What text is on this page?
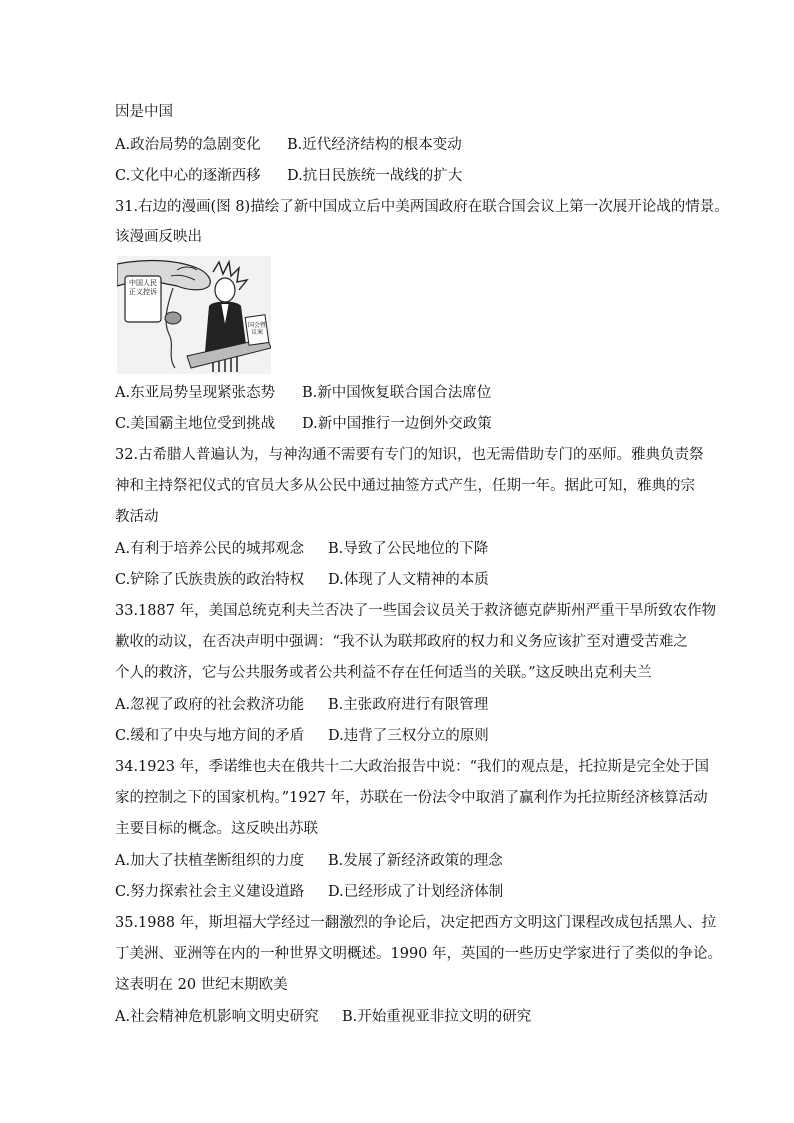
因是中国
A.政治局势的急剧变化 B.近代经济结构的根本变动
C.文化中心的逐渐西移 D.抗日民族统一战线的扩大
31.右边的漫画(图 8)描绘了新中国成立后中美两国政府在联合国会议上第一次展开论战的情景。
该漫画反映出
中国人民正义控诉
国会暨议案
A.东亚局势呈现紧张态势 B.新中国恢复联合国合法席位
C.美国霸主地位受到挑战 D.新中国推行一边倒外交政策
32.古希腊人普遍认为，与神沟通不需要有专门的知识，也无需借助专门的巫师。雅典负责祭
神和主持祭祀仪式的官员大多从公民中通过抽签方式产生，任期一年。据此可知，雅典的宗
教活动
A.有利于培养公民的城邦观念 B.导致了公民地位的下降
C.铲除了氏族贵族的政治特权 D.体现了人文精神的本质
33.1887 年，美国总统克利夫兰否决了一些国会议员关于救济德克萨斯州严重干旱所致农作物
歉收的动议，在否决声明中强调：“我不认为联邦政府的权力和义务应该扩至对遭受苦难之
个人的救济，它与公共服务或者公共利益不存在任何适当的关联。”这反映出克利夫兰
A.忽视了政府的社会救济功能 B.主张政府进行有限管理
C.缓和了中央与地方间的矛盾 D.违背了三权分立的原则
34.1923 年，季诺维也夫在俄共十二大政治报告中说：“我们的观点是，托拉斯是完全处于国
家的控制之下的国家机构。”1927 年，苏联在一份法令中取消了赢利作为托拉斯经济核算活动
主要目标的概念。这反映出苏联
A.加大了扶植垄断组织的力度 B.发展了新经济政策的理念
C.努力探索社会主义建设道路 D.已经形成了计划经济体制
35.1988 年，斯坦福大学经过一翻激烈的争论后，决定把西方文明这门课程改成包括黑人、拉
丁美洲、亚洲等在内的一种世界文明概述。1990 年，英国的一些历史学家进行了类似的争论。
这表明在 20 世纪末期欧美
A.社会精神危机影响文明史研究 B.开始重视亚非拉文明的研究
